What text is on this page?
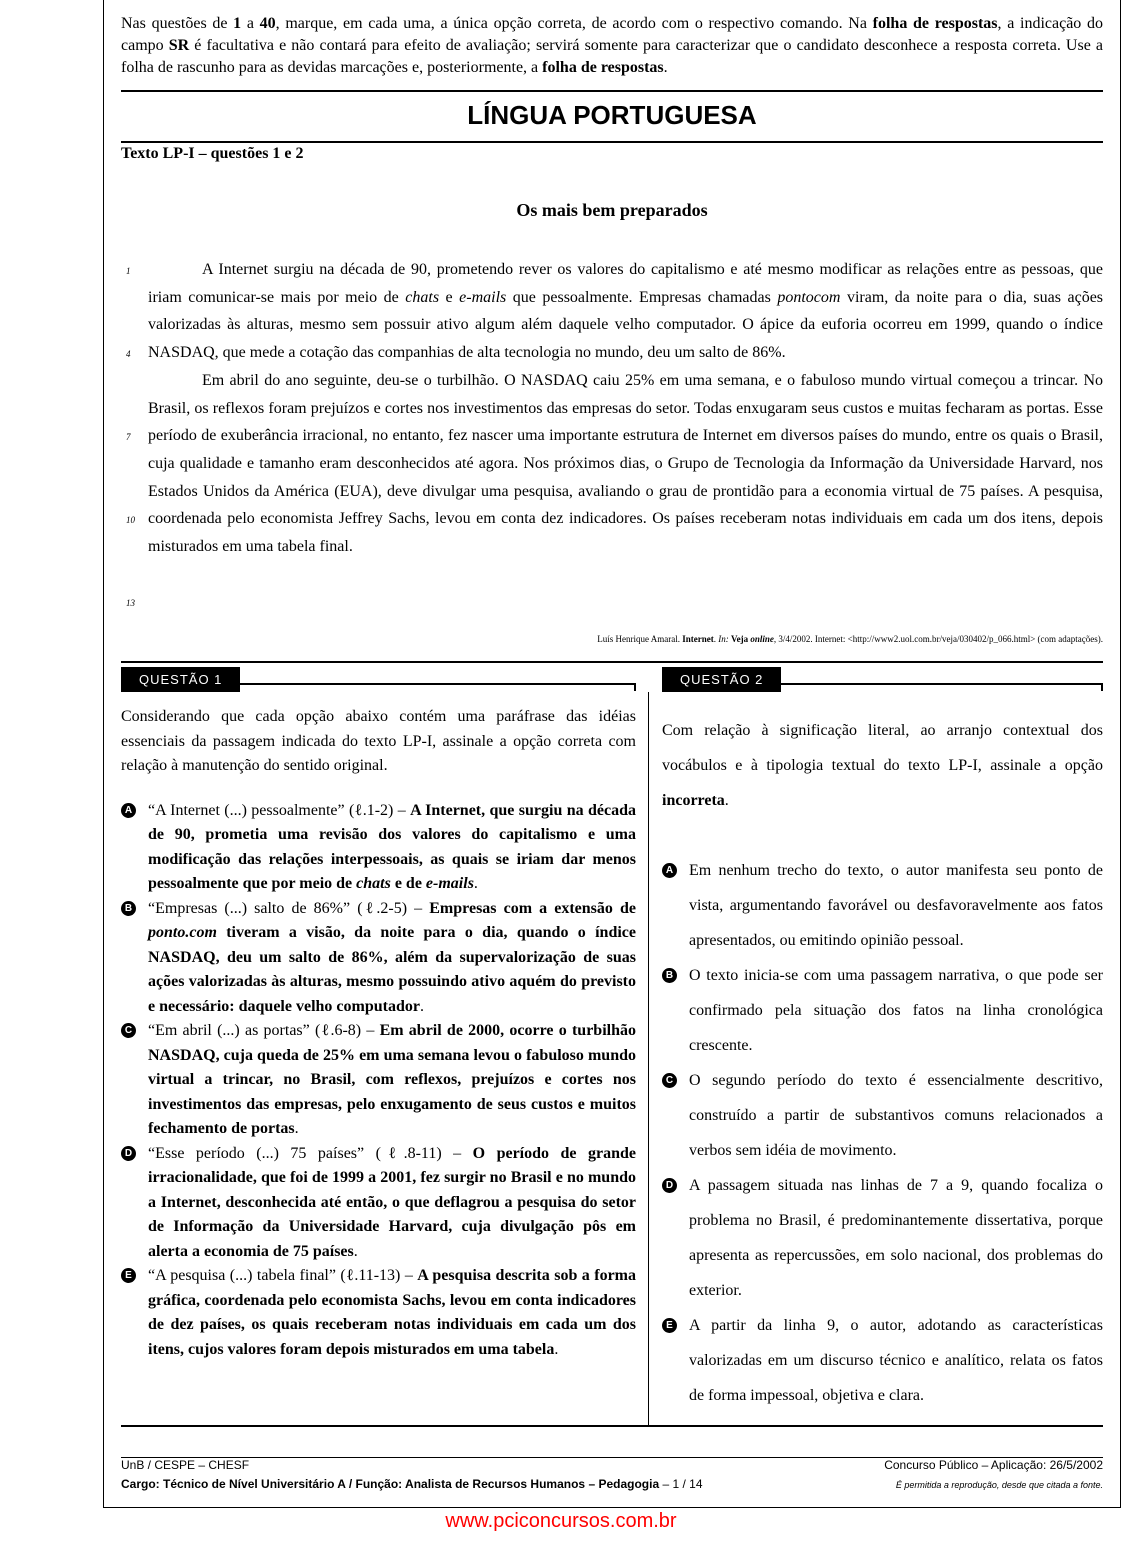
Nas questões de 1 a 40, marque, em cada uma, a única opção correta, de acordo com o respectivo comando. Na folha de respostas, a indicação do campo SR é facultativa e não contará para efeito de avaliação; servirá somente para caracterizar que o candidato desconhece a resposta correta. Use a folha de rascunho para as devidas marcações e, posteriormente, a folha de respostas.
LÍNGUA PORTUGUESA
Texto LP-I – questões 1 e 2
Os mais bem preparados
1
4
7
10
13

A Internet surgiu na década de 90, prometendo rever os valores do capitalismo e até mesmo modificar as relações entre as pessoas, que iriam comunicar-se mais por meio de chats e e-mails que pessoalmente. Empresas chamadas pontocom viram, da noite para o dia, suas ações valorizadas às alturas, mesmo sem possuir ativo algum além daquele velho computador. O ápice da euforia ocorreu em 1999, quando o índice NASDAQ, que mede a cotação das companhias de alta tecnologia no mundo, deu um salto de 86%.

Em abril do ano seguinte, deu-se o turbilhão. O NASDAQ caiu 25% em uma semana, e o fabuloso mundo virtual começou a trincar. No Brasil, os reflexos foram prejuízos e cortes nos investimentos das empresas do setor. Todas enxugaram seus custos e muitas fecharam as portas. Esse período de exuberância irracional, no entanto, fez nascer uma importante estrutura de Internet em diversos países do mundo, entre os quais o Brasil, cuja qualidade e tamanho eram desconhecidos até agora. Nos próximos dias, o Grupo de Tecnologia da Informação da Universidade Harvard, nos Estados Unidos da América (EUA), deve divulgar uma pesquisa, avaliando o grau de prontidão para a economia virtual de 75 países. A pesquisa, coordenada pelo economista Jeffrey Sachs, levou em conta dez indicadores. Os países receberam notas individuais em cada um dos itens, depois misturados em uma tabela final.

Luís Henrique Amaral. Internet. In: Veja online, 3/4/2002. Internet: <http://www2.uol.com.br/veja/030402/p_066.html> (com adaptações).
QUESTÃO 1	QUESTÃO 2

Considerando que cada opção abaixo contém uma paráfrase das idéias essenciais da passagem indicada do texto LP-I, assinale a opção correta com relação à manutenção do sentido original.

A “A Internet (...) pessoalmente” (ℓ.1-2) – A Internet, que surgiu na década de 90, prometia uma revisão dos valores do capitalismo e uma modificação das relações interpessoais, as quais se iriam dar menos pessoalmente que por meio de chats e de e-mails.
B “Empresas (...) salto de 86%” (ℓ.2-5) – Empresas com a extensão de ponto.com tiveram a visão, da noite para o dia, quando o índice NASDAQ, deu um salto de 86%, além da supervalorização de suas ações valorizadas às alturas, mesmo possuindo ativo aquém do previsto e necessário: daquele velho computador.
C “Em abril (...) as portas” (ℓ.6-8) – Em abril de 2000, ocorre o turbilhão NASDAQ, cuja queda de 25% em uma semana levou o fabuloso mundo virtual a trincar, no Brasil, com reflexos, prejuízos e cortes nos investimentos das empresas, pelo enxugamento de seus custos e muitos fechamento de portas.
D “Esse período (...) 75 países” (ℓ.8-11) – O período de grande irracionalidade, que foi de 1999 a 2001, fez surgir no Brasil e no mundo a Internet, desconhecida até então, o que deflagrou a pesquisa do setor de Informação da Universidade Harvard, cuja divulgação pôs em alerta a economia de 75 países.
E “A pesquisa (...) tabela final” (ℓ.11-13) – A pesquisa descrita sob a forma gráfica, coordenada pelo economista Sachs, levou em conta indicadores de dez países, os quais receberam notas individuais em cada um dos itens, cujos valores foram depois misturados em uma tabela.

Com relação à significação literal, ao arranjo contextual dos vocábulos e à tipologia textual do texto LP-I, assinale a opção incorreta.

A Em nenhum trecho do texto, o autor manifesta seu ponto de vista, argumentando favorável ou desfavoravelmente aos fatos apresentados, ou emitindo opinião pessoal.
B O texto inicia-se com uma passagem narrativa, o que pode ser confirmado pela situação dos fatos na linha cronológica crescente.
C O segundo período do texto é essencialmente descritivo, construído a partir de substantivos comuns relacionados a verbos sem idéia de movimento.
D A passagem situada nas linhas de 7 a 9, quando focaliza o problema no Brasil, é predominantemente dissertativa, porque apresenta as repercussões, em solo nacional, dos problemas do exterior.
E A partir da linha 9, o autor, adotando as características valorizadas em um discurso técnico e analítico, relata os fatos de forma impessoal, objetiva e clara.
UnB / CESPE – CHESF	Concurso Público – Aplicação: 26/5/2002
Cargo: Técnico de Nível Universitário A / Função: Analista de Recursos Humanos – Pedagogia – 1 / 14	É permitida a reprodução, desde que citada a fonte.
www.pciconcursos.com.br
